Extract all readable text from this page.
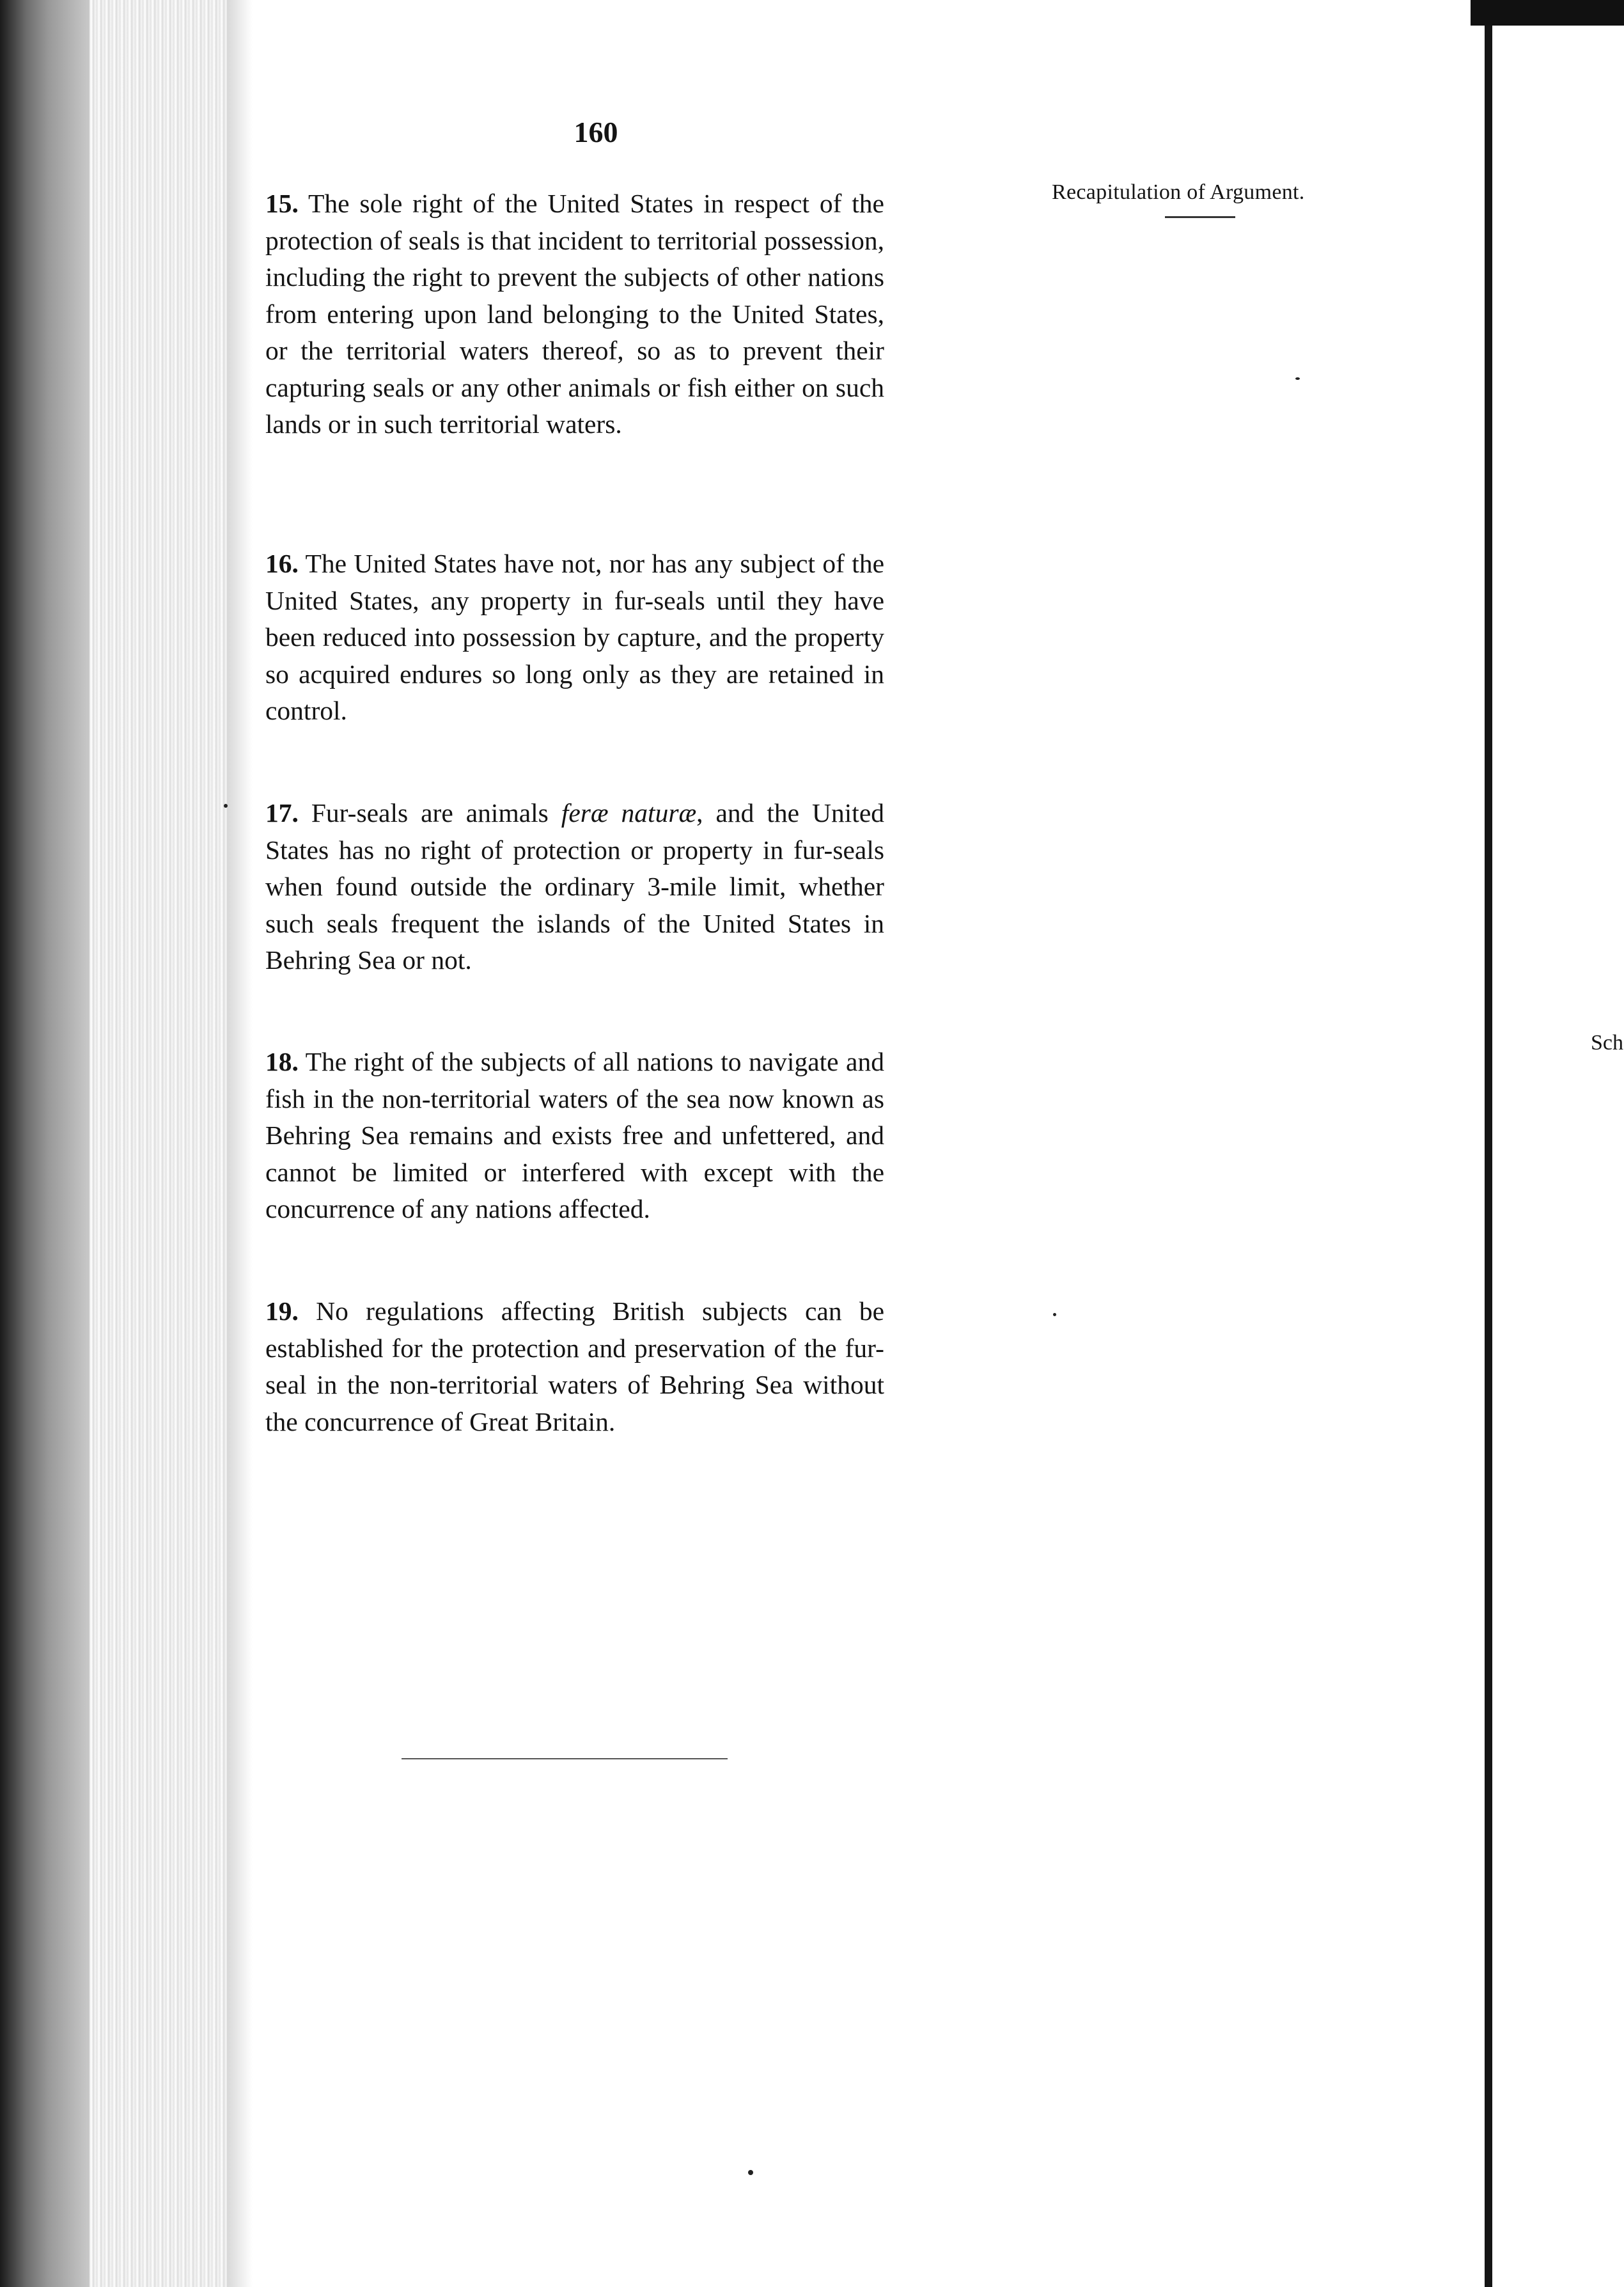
160
Recapitulation of Argument.
Sch

15. The sole right of the United States in respect of the protection of seals is that incident to territorial possession, including the right to prevent the subjects of other nations from entering upon land belonging to the United States, or the territorial waters thereof, so as to prevent their capturing seals or any other animals or fish either on such lands or in such territorial waters.

16. The United States have not, nor has any subject of the United States, any property in fur-seals until they have been reduced into possession by capture, and the property so acquired endures so long only as they are retained in control.

17. Fur-seals are animals feræ naturæ, and the United States has no right of protection or property in fur-seals when found outside the ordinary 3-mile limit, whether such seals frequent the islands of the United States in Behring Sea or not.

18. The right of the subjects of all nations to navigate and fish in the non-territorial waters of the sea now known as Behring Sea remains and exists free and unfettered, and cannot be limited or interfered with except with the concurrence of any nations affected.

19. No regulations affecting British subjects can be established for the protection and preservation of the fur-seal in the non-territorial waters of Behring Sea without the concurrence of Great Britain.
